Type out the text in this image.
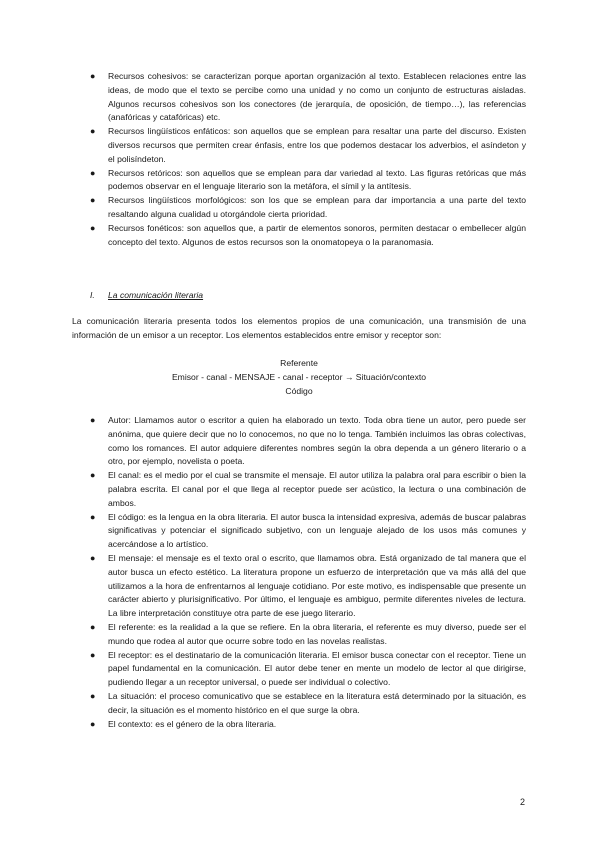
● Recursos cohesivos: se caracterizan porque aportan organización al texto. Establecen relaciones entre las ideas, de modo que el texto se percibe como una unidad y no como un conjunto de estructuras aisladas. Algunos recursos cohesivos son los conectores (de jerarquía, de oposición, de tiempo…), las referencias (anafóricas y catafóricas) etc.
● Recursos lingüísticos enfáticos: son aquellos que se emplean para resaltar una parte del discurso. Existen diversos recursos que permiten crear énfasis, entre los que podemos destacar los adverbios, el asíndeton y el polisíndeton.
● Recursos retóricos: son aquellos que se emplean para dar variedad al texto. Las figuras retóricas que más podemos observar en el lenguaje literario son la metáfora, el símil y la antítesis.
● Recursos lingüísticos morfológicos: son los que se emplean para dar importancia a una parte del texto resaltando alguna cualidad u otorgándole cierta prioridad.
● Recursos fonéticos: son aquellos que, a partir de elementos sonoros, permiten destacar o embellecer algún concepto del texto. Algunos de estos recursos son la onomatopeya o la paranomasia.
I. La comunicación literaria

La comunicación literaria presenta todos los elementos propios de una comunicación, una transmisión de una información de un emisor a un receptor. Los elementos establecidos entre emisor y receptor son:

Referente
Emisor - canal - MENSAJE - canal - receptor → Situación/contexto
Código
● Autor: Llamamos autor o escritor a quien ha elaborado un texto. Toda obra tiene un autor, pero puede ser anónima, que quiere decir que no lo conocemos, no que no lo tenga. También incluimos las obras colectivas, como los romances. El autor adquiere diferentes nombres según la obra dependa a un género literario o a otro, por ejemplo, novelista o poeta.
● El canal: es el medio por el cual se transmite el mensaje. El autor utiliza la palabra oral para escribir o bien la palabra escrita. El canal por el que llega al receptor puede ser acústico, la lectura o una combinación de ambos.
● El código: es la lengua en la obra literaria. El autor busca la intensidad expresiva, además de buscar palabras significativas y potenciar el significado subjetivo, con un lenguaje alejado de los usos más comunes y acercándose a lo artístico.
● El mensaje: el mensaje es el texto oral o escrito, que llamamos obra. Está organizado de tal manera que el autor busca un efecto estético. La literatura propone un esfuerzo de interpretación que va más allá del que utilizamos a la hora de enfrentarnos al lenguaje cotidiano. Por este motivo, es indispensable que presente un carácter abierto y plurisignificativo. Por último, el lenguaje es ambiguo, permite diferentes niveles de lectura. La libre interpretación constituye otra parte de ese juego literario.
● El referente: es la realidad a la que se refiere. En la obra literaria, el referente es muy diverso, puede ser el mundo que rodea al autor que ocurre sobre todo en las novelas realistas.
● El receptor: es el destinatario de la comunicación literaria. El emisor busca conectar con el receptor. Tiene un papel fundamental en la comunicación. El autor debe tener en mente un modelo de lector al que dirigirse, pudiendo llegar a un receptor universal, o puede ser individual o colectivo.
● La situación: el proceso comunicativo que se establece en la literatura está determinado por la situación, es decir, la situación es el momento histórico en el que surge la obra.
● El contexto: es el género de la obra literaria.
2
